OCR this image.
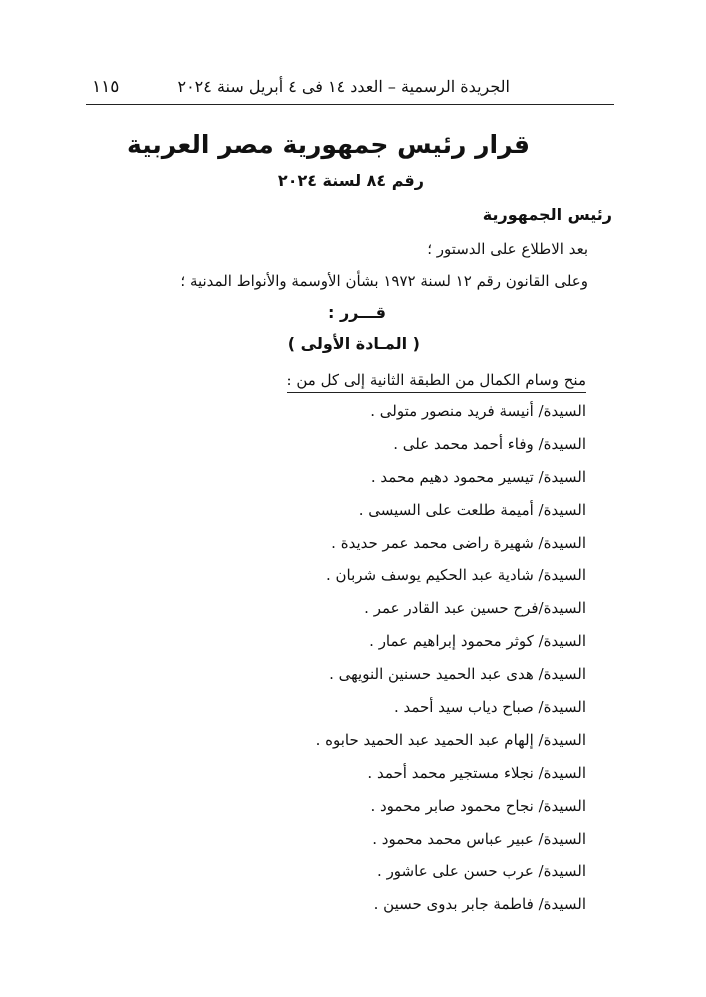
الجريدة الرسمية – العدد ١٤ فى ٤ أبريل سنة ٢٠٢٤
١١٥
قرار رئيس جمهورية مصر العربية
رقم ٨٤ لسنة ٢٠٢٤
رئيس الجمهورية
بعد الاطلاع على الدستور ؛
وعلى القانون رقم ١٢ لسنة ١٩٧٢ بشأن الأوسمة والأنواط المدنية ؛
قـــرر :
( المـادة الأولى )
منح وسام الكمال من الطبقة الثانية إلى كل من :
السيدة/ أنيسة فريد منصور متولى .
السيدة/ وفاء أحمد محمد على .
السيدة/ تيسير محمود دهيم محمد .
السيدة/ أميمة طلعت على السيسى .
السيدة/ شهيرة راضى محمد عمر حديدة .
السيدة/ شادية عبد الحكيم يوسف شربان .
السيدة/فرح حسين عبد القادر عمر .
السيدة/ كوثر محمود إبراهيم عمار .
السيدة/ هدى عبد الحميد حسنين النويهى .
السيدة/ صباح دياب سيد أحمد .
السيدة/ إلهام عبد الحميد عبد الحميد حابوه .
السيدة/ نجلاء مستجير محمد أحمد .
السيدة/ نجاح محمود صابر محمود .
السيدة/ عبير عباس محمد محمود .
السيدة/ عرب حسن على عاشور .
السيدة/ فاطمة جابر بدوى حسين .
